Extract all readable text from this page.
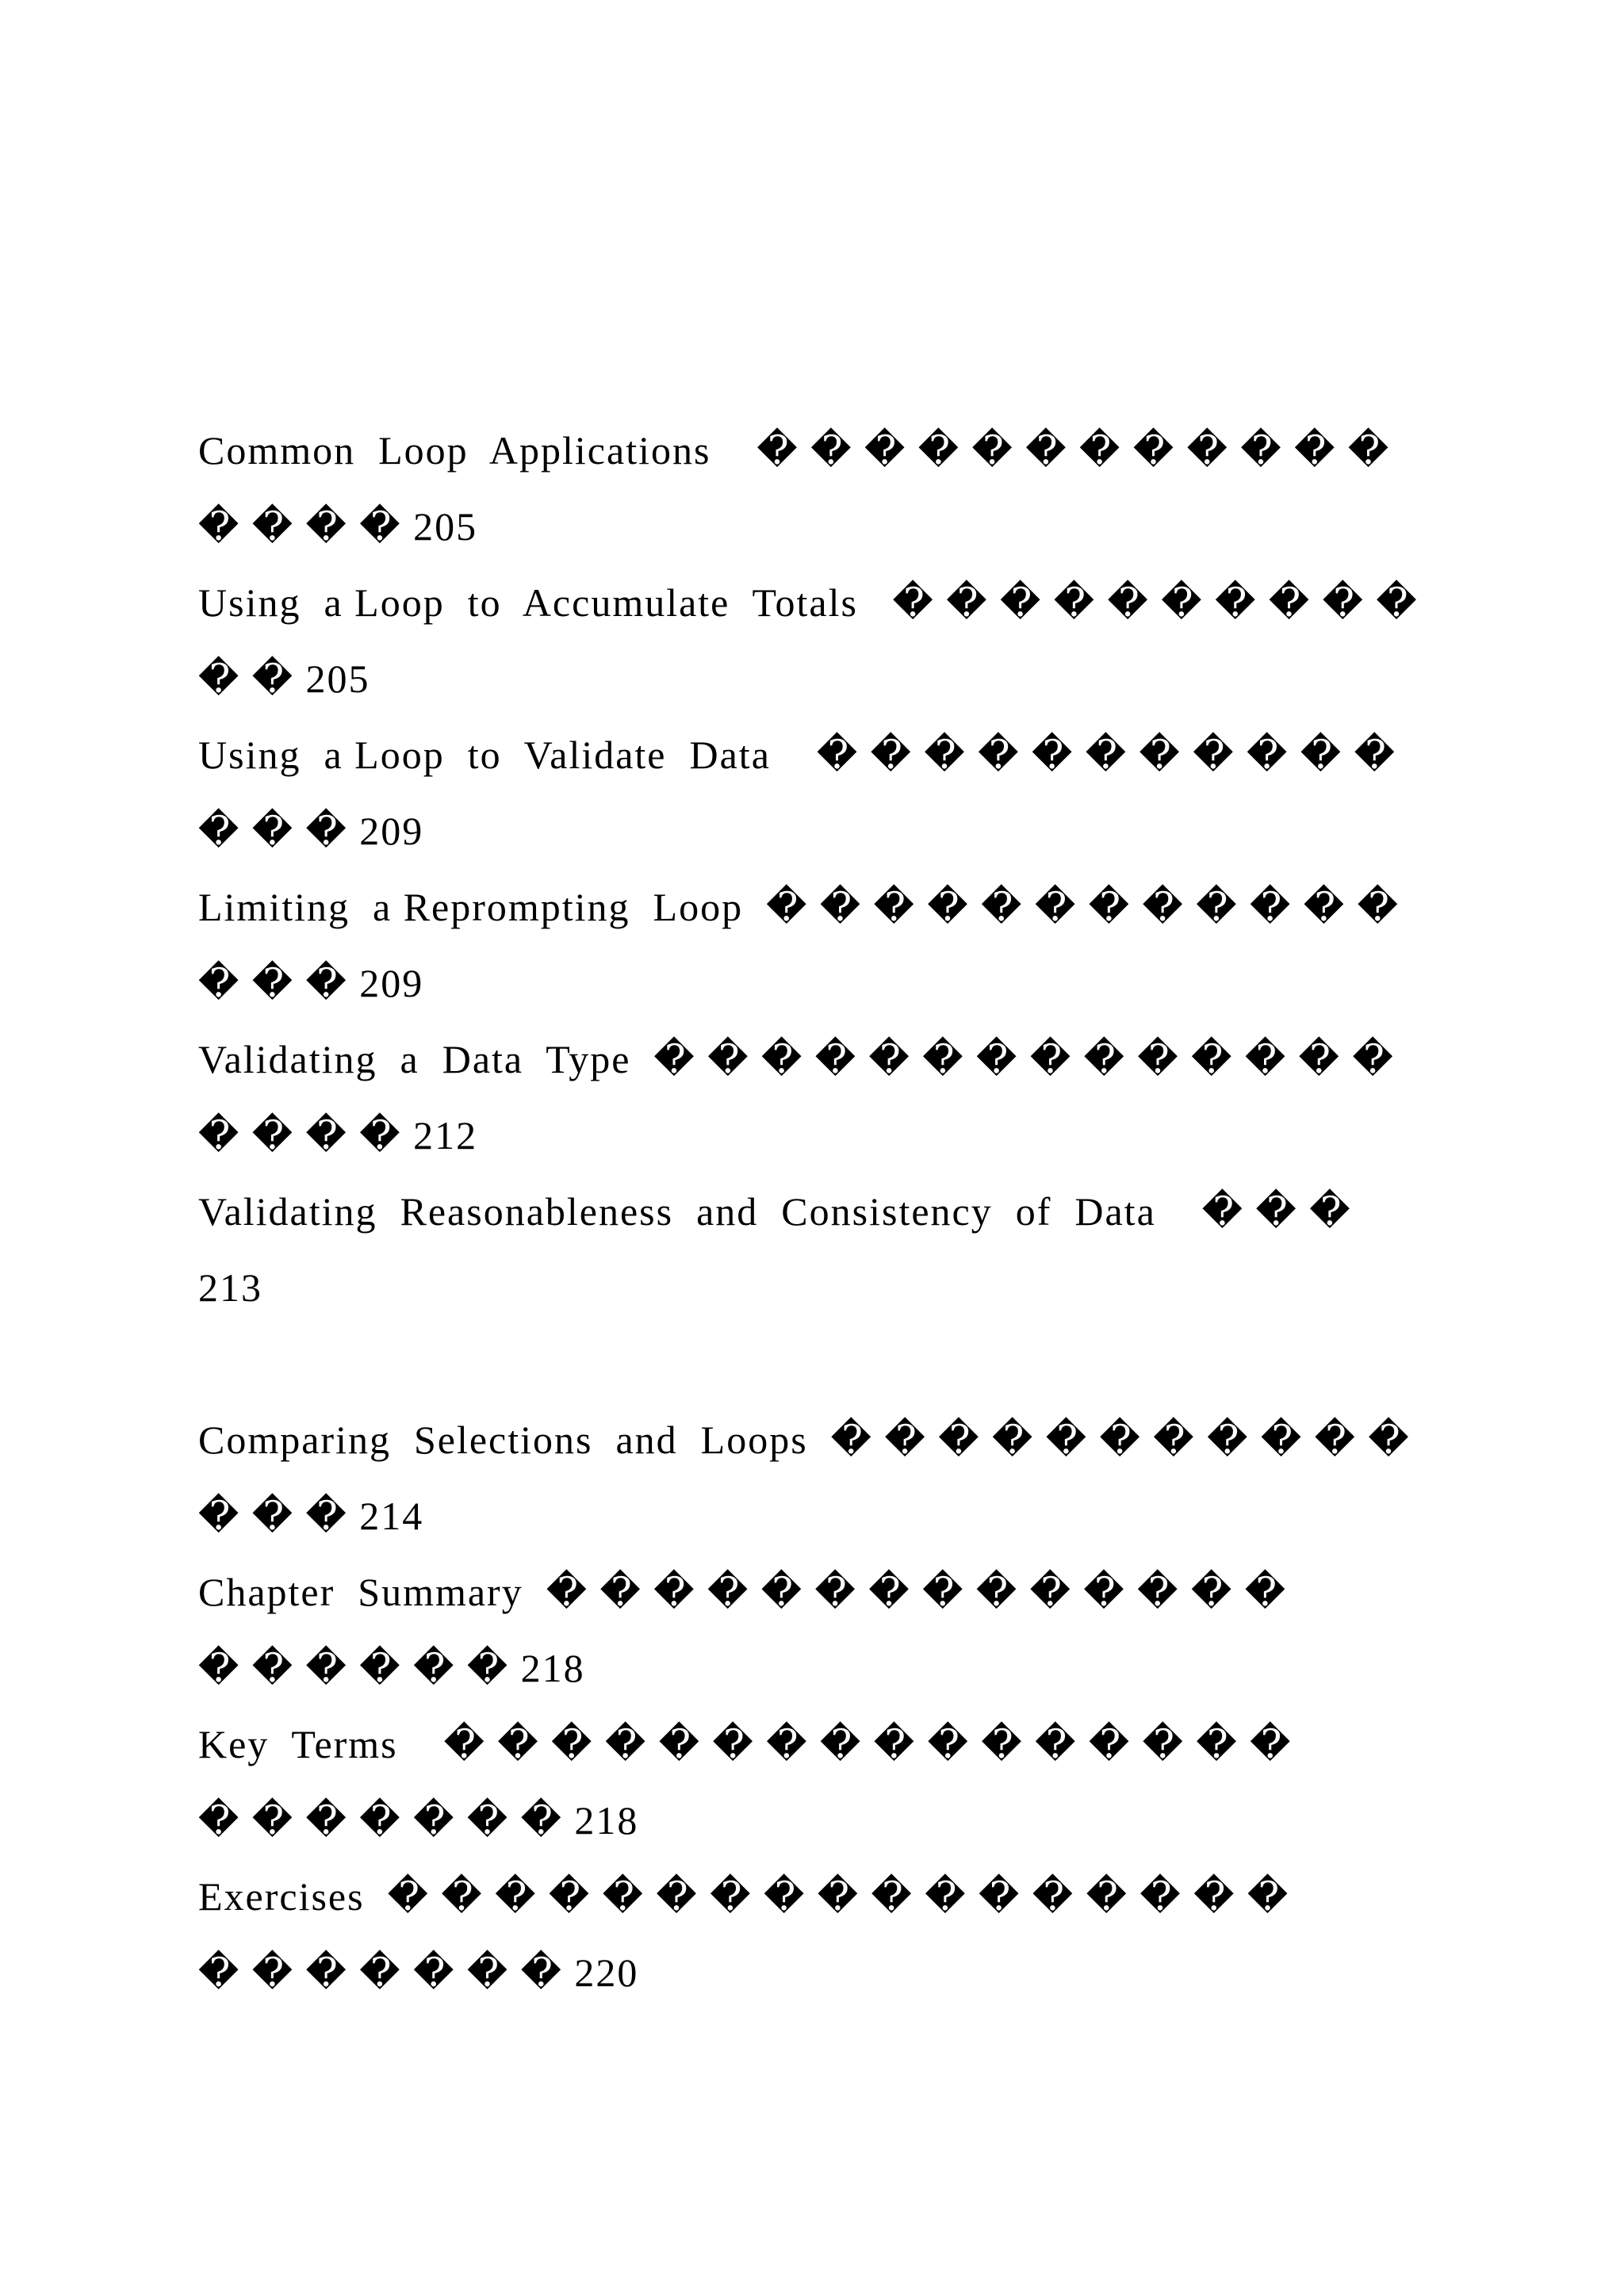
Common  Loop  Applications    � � � � � � � � � � � �
� � � � 205
Using  a Loop  to  Accumulate  Totals   � � � � � � � � � �
� � 205
Using  a Loop  to  Validate  Data    � � � � � � � � � � �
� � � 209
Limiting  a Reprompting  Loop  � � � � � � � � � � � �
� � � 209
Validating  a  Data  Type  � � � � � � � � � � � � � �
� � � � 212
Validating  Reasonableness  and  Consistency  of  Data    � � �
213
Comparing  Selections  and  Loops  � � � � � � � � � � �
� � � 214
Chapter  Summary  � � � � � � � � � � � � � �
� � � � � � 218
Key  Terms    � � � � � � � � � � � � � � � �
� � � � � � � 218
Exercises  � � � � � � � � � � � � � � � � �
� � � � � � � 220
